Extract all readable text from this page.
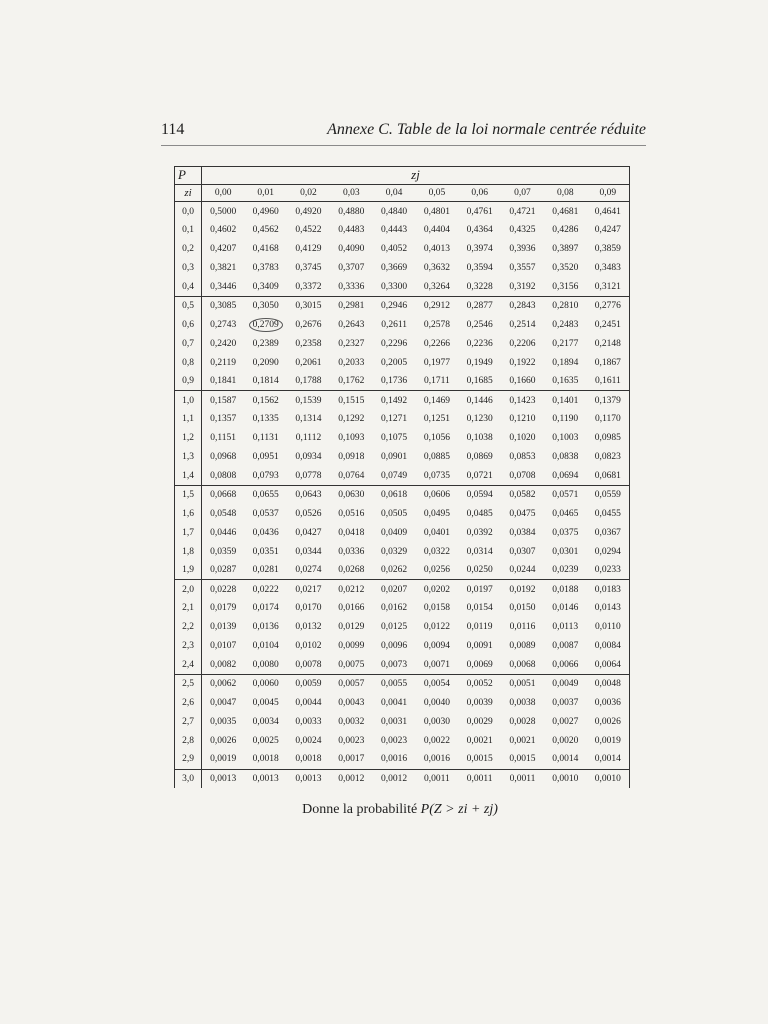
114	Annexe C. Table de la loi normale centrée réduite
P	zj									
zi	0,00	0,01	0,02	0,03	0,04	0,05	0,06	0,07	0,08	0,09
0,0	0,5000	0,4960	0,4920	0,4880	0,4840	0,4801	0,4761	0,4721	0,4681	0,4641
0,1	0,4602	0,4562	0,4522	0,4483	0,4443	0,4404	0,4364	0,4325	0,4286	0,4247
0,2	0,4207	0,4168	0,4129	0,4090	0,4052	0,4013	0,3974	0,3936	0,3897	0,3859
0,3	0,3821	0,3783	0,3745	0,3707	0,3669	0,3632	0,3594	0,3557	0,3520	0,3483
0,4	0,3446	0,3409	0,3372	0,3336	0,3300	0,3264	0,3228	0,3192	0,3156	0,3121
0,5	0,3085	0,3050	0,3015	0,2981	0,2946	0,2912	0,2877	0,2843	0,2810	0,2776
0,6	0,2743	0,2709	0,2676	0,2643	0,2611	0,2578	0,2546	0,2514	0,2483	0,2451
0,7	0,2420	0,2389	0,2358	0,2327	0,2296	0,2266	0,2236	0,2206	0,2177	0,2148
0,8	0,2119	0,2090	0,2061	0,2033	0,2005	0,1977	0,1949	0,1922	0,1894	0,1867
0,9	0,1841	0,1814	0,1788	0,1762	0,1736	0,1711	0,1685	0,1660	0,1635	0,1611
1,0	0,1587	0,1562	0,1539	0,1515	0,1492	0,1469	0,1446	0,1423	0,1401	0,1379
1,1	0,1357	0,1335	0,1314	0,1292	0,1271	0,1251	0,1230	0,1210	0,1190	0,1170
1,2	0,1151	0,1131	0,1112	0,1093	0,1075	0,1056	0,1038	0,1020	0,1003	0,0985
1,3	0,0968	0,0951	0,0934	0,0918	0,0901	0,0885	0,0869	0,0853	0,0838	0,0823
1,4	0,0808	0,0793	0,0778	0,0764	0,0749	0,0735	0,0721	0,0708	0,0694	0,0681
1,5	0,0668	0,0655	0,0643	0,0630	0,0618	0,0606	0,0594	0,0582	0,0571	0,0559
1,6	0,0548	0,0537	0,0526	0,0516	0,0505	0,0495	0,0485	0,0475	0,0465	0,0455
1,7	0,0446	0,0436	0,0427	0,0418	0,0409	0,0401	0,0392	0,0384	0,0375	0,0367
1,8	0,0359	0,0351	0,0344	0,0336	0,0329	0,0322	0,0314	0,0307	0,0301	0,0294
1,9	0,0287	0,0281	0,0274	0,0268	0,0262	0,0256	0,0250	0,0244	0,0239	0,0233
2,0	0,0228	0,0222	0,0217	0,0212	0,0207	0,0202	0,0197	0,0192	0,0188	0,0183
2,1	0,0179	0,0174	0,0170	0,0166	0,0162	0,0158	0,0154	0,0150	0,0146	0,0143
2,2	0,0139	0,0136	0,0132	0,0129	0,0125	0,0122	0,0119	0,0116	0,0113	0,0110
2,3	0,0107	0,0104	0,0102	0,0099	0,0096	0,0094	0,0091	0,0089	0,0087	0,0084
2,4	0,0082	0,0080	0,0078	0,0075	0,0073	0,0071	0,0069	0,0068	0,0066	0,0064
2,5	0,0062	0,0060	0,0059	0,0057	0,0055	0,0054	0,0052	0,0051	0,0049	0,0048
2,6	0,0047	0,0045	0,0044	0,0043	0,0041	0,0040	0,0039	0,0038	0,0037	0,0036
2,7	0,0035	0,0034	0,0033	0,0032	0,0031	0,0030	0,0029	0,0028	0,0027	0,0026
2,8	0,0026	0,0025	0,0024	0,0023	0,0023	0,0022	0,0021	0,0021	0,0020	0,0019
2,9	0,0019	0,0018	0,0018	0,0017	0,0016	0,0016	0,0015	0,0015	0,0014	0,0014
3,0	0,0013	0,0013	0,0013	0,0012	0,0012	0,0011	0,0011	0,0011	0,0010	0,0010
Donne la probabilité P(Z > zi + zj)
